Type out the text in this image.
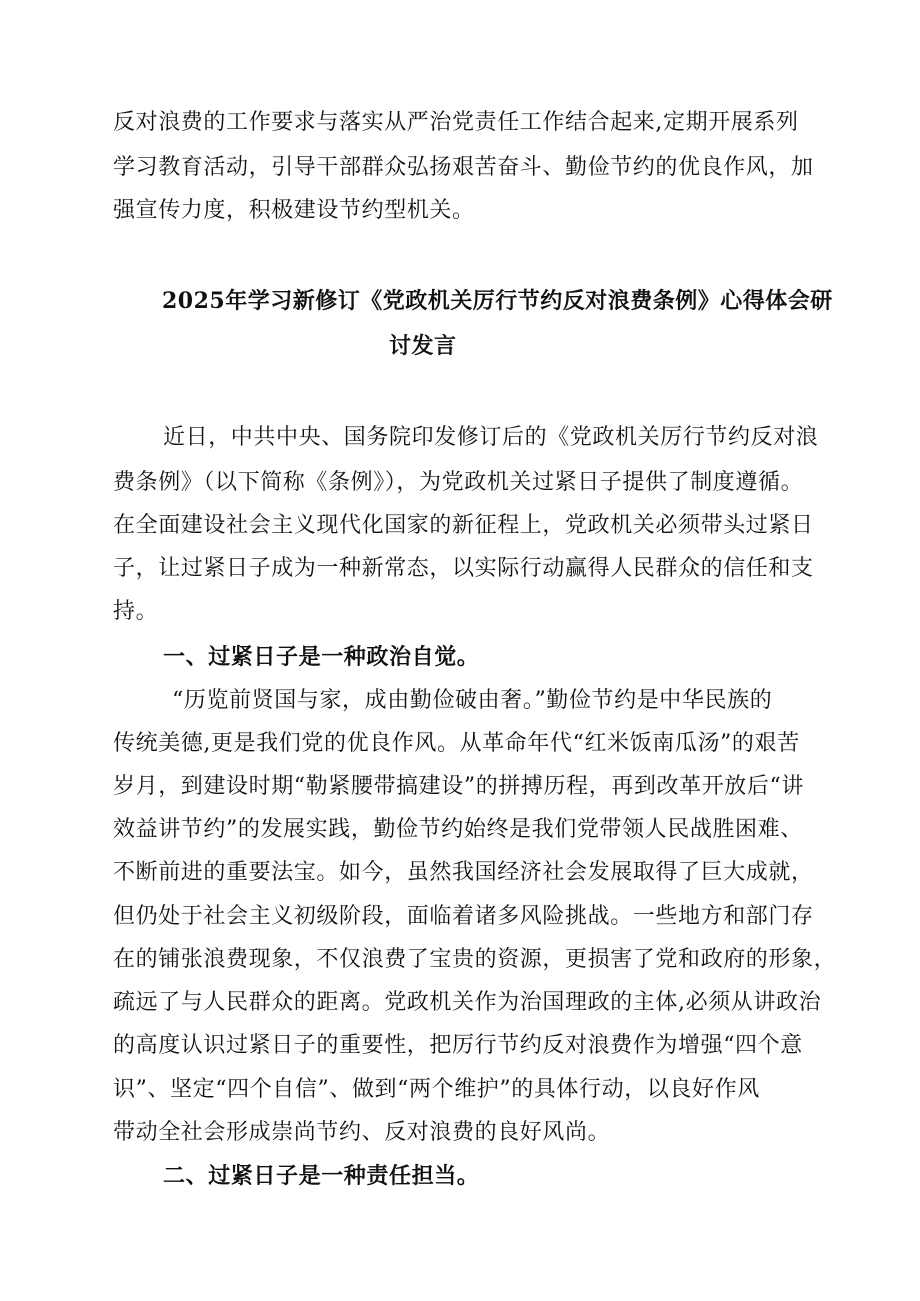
反对浪费的工作要求与落实从严治党责任工作结合起来,定期开展系列
学习教育活动，引导干部群众弘扬艰苦奋斗、勤俭节约的优良作风，加
强宣传力度，积极建设节约型机关。
2025年学习新修订《党政机关厉行节约反对浪费条例》心得体会研
讨发言
近日，中共中央、国务院印发修订后的《党政机关厉行节约反对浪
费条例》（以下简称《条例》），为党政机关过紧日子提供了制度遵循。
在全面建设社会主义现代化国家的新征程上，党政机关必须带头过紧日
子，让过紧日子成为一种新常态，以实际行动赢得人民群众的信任和支
持。
一、过紧日子是一种政治自觉。
“历览前贤国与家，成由勤俭破由奢。”勤俭节约是中华民族的
传统美德,更是我们党的优良作风。从革命年代“红米饭南瓜汤”的艰苦
岁月，到建设时期“勒紧腰带搞建设”的拼搏历程，再到改革开放后“讲
效益讲节约”的发展实践，勤俭节约始终是我们党带领人民战胜困难、
不断前进的重要法宝。如今，虽然我国经济社会发展取得了巨大成就，
但仍处于社会主义初级阶段，面临着诸多风险挑战。一些地方和部门存
在的铺张浪费现象，不仅浪费了宝贵的资源，更损害了党和政府的形象，
疏远了与人民群众的距离。党政机关作为治国理政的主体,必须从讲政治
的高度认识过紧日子的重要性，把厉行节约反对浪费作为增强“四个意
识”、坚定“四个自信”、做到“两个维护”的具体行动，以良好作风
带动全社会形成崇尚节约、反对浪费的良好风尚。
二、过紧日子是一种责任担当。
